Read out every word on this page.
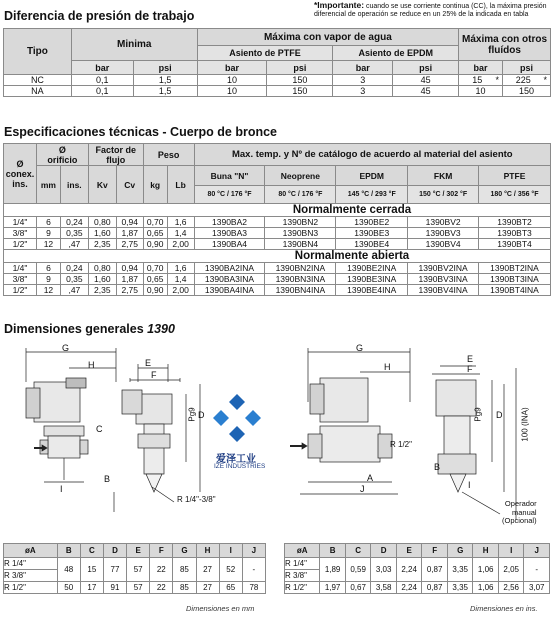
Diferencia de presión de trabajo
*Importante: cuando se use corriente continua (CC), la máxima presión
diferencial de operación se reduce en un 25% de la indicada en tabla
Tipo	Minima		Máxima con vapor de agua				Máxima con otros
fluídos	
			Asiento de PTFE		Asiento de EPDM			
	bar	psi	bar	psi	bar	psi	bar	psi
NC	0,1	1,5	10	150	3	45	15 *	225 *

NA	0,1	1,5	10	150	3	45	10	150
Especificaciones técnicas - Cuerpo de bronce
Ø
conex.
ins.	Ø
orificio		Factor de
flujo		Peso		Max. temp. y Nº de catálogo de acuerdo al material del asiento				
	mm	ins.	Kv	Cv	kg	Lb	Buna "N"	Neoprene	EPDM	FKM	PTFE
							80 °C / 176 °F	80 °C / 176 °F	145 °C / 293 °F	150 °C / 302 °F	180 °C / 356 °F
Normalmente cerrada											
1/4"	6	0,24	0,80	0,94	0,70	1,6	1390BA2	1390BN2	1390BE2	1390BV2	1390BT2
3/8"	9	0,35	1,60	1,87	0,65	1,4	1390BA3	1390BN3	1390BE3	1390BV3	1390BT3
1/2"	12	,47	2,35	2,75	0,90	2,00	1390BA4	1390BN4	1390BE4	1390BV4	1390BT4
Normalmente abierta											
1/4"	6	0,24	0,80	0,94	0,70	1,6	1390BA2INA	1390BN2INA	1390BE2INA	1390BV2INA	1390BT2INA
3/8"	9	0,35	1,60	1,87	0,65	1,4	1390BA3INA	1390BN3INA	1390BE3INA	1390BV3INA	1390BT3INA
1/2"	12	,47	2,35	2,75	0,90	2,00	1390BA4INA	1390BN4INA	1390BE4INA	1390BV4INA	1390BT4INA
Dimensiones generales 1390
G
H	E
F
Pg9 D
C
B
I
R 1/4"-3/8"
爱泽工业
IZE INDUSTRIES
G
H
E
F
Pg9 D 100 (INA)
R 1/2"
B
A
J	I
Operador
manual
(Opcional)
øA	B	C	D	E	F	G	H	I	J
R 1/4"	48	15	77	57	22	85	27	52	-
R 3/8"									
R 1/2"	50	17	91	57	22	85	27	65	78
Dimensiones en mm
øA	B	C	D	E	F	G	H	I	J
R 1/4"	1,89	0,59	3,03	2,24	0,87	3,35	1,06	2,05	-
R 3/8"									
R 1/2"	1,97	0,67	3,58	2,24	0,87	3,35	1,06	2,56	3,07
Dimensiones en ins.
